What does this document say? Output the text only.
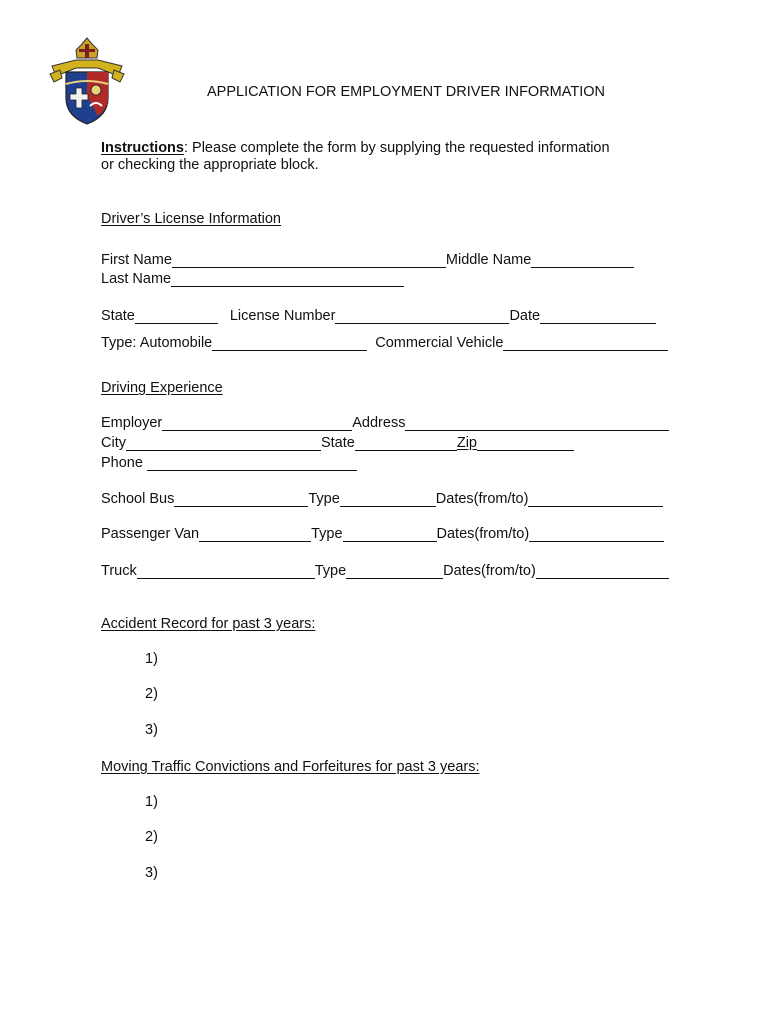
APPLICATION FOR EMPLOYMENT DRIVER INFORMATION
Instructions: Please complete the form by supplying the requested information
or checking the appropriate block.
Driver’s License Information
First Name	Middle Name
Last Name
State	License Number	Date
Type: Automobile	Commercial Vehicle
Driving Experience
Employer	Address
City	State	Zip
Phone
School Bus	Type	Dates(from/to)
Passenger Van	Type	Dates(from/to)
Truck	Type	Dates(from/to)
Accident Record for past 3 years:
1)
2)
3)
Moving Traffic Convictions and Forfeitures for past 3 years:
1)
2)
3)
